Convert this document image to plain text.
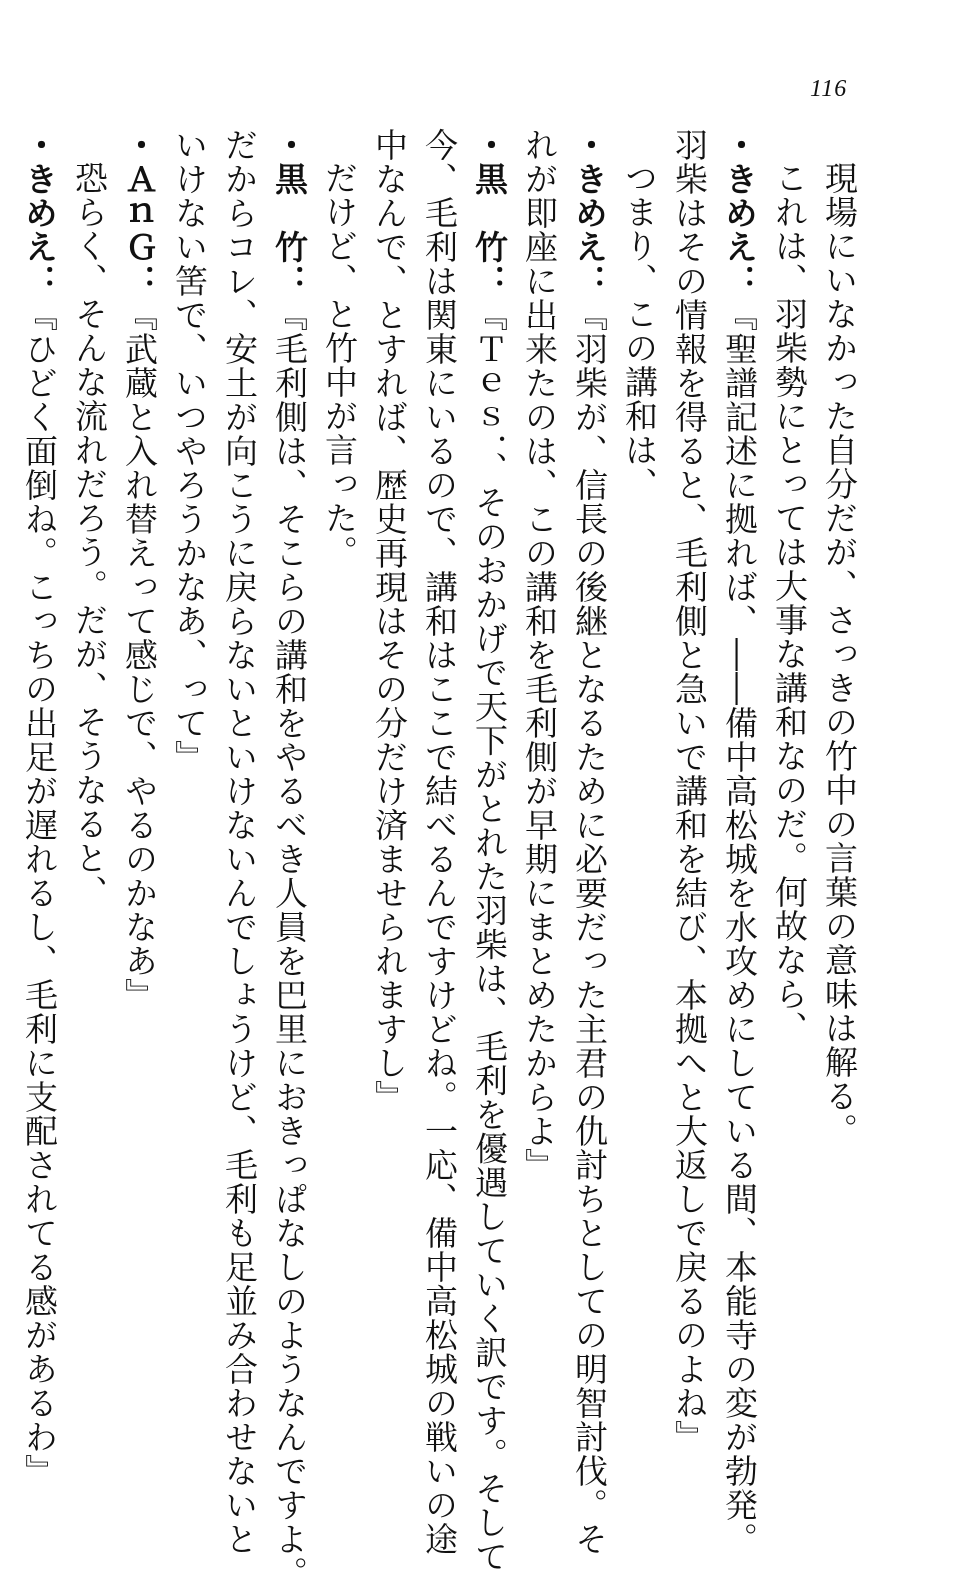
116
現場にいなかった自分だが、さっきの竹中の言葉の意味は解る。
これは、羽柴勢にとっては大事な講和なのだ。何故なら、
・きめえ：『聖譜記述に拠れば、――備中高松城を水攻めにしている間、本能寺の変が勃発。
羽柴はその情報を得ると、毛利側と急いで講和を結び、本拠へと大返しで戻るのよね』
つまり、この講和は、
・きめえ：『羽柴が、信長の後継となるために必要だった主君の仇討ちとしての明智討伐。そ
れが即座に出来たのは、この講和を毛利側が早期にまとめたからよ』
・黒　竹：『Ｔｅｓ．、そのおかげで天下がとれた羽柴は、毛利を優遇していく訳です。そして
今、毛利は関東にいるので、講和はここで結べるんですけどね。一応、備中高松城の戦いの途
中なんで、とすれば、歴史再現はその分だけ済ませられますし』
だけど、と竹中が言った。
・黒　竹：『毛利側は、そこらの講和をやるべき人員を巴里におきっぱなしのようなんですよ。
だからコレ、安土が向こうに戻らないといけないんでしょうけど、毛利も足並み合わせないと
いけない筈で、いつやろうかなあ、って』
・ＡｎＧ：『武蔵と入れ替えって感じで、やるのかなあ』
恐らく、そんな流れだろう。だが、そうなると、
・きめえ：『ひどく面倒ね。こっちの出足が遅れるし、毛利に支配されてる感があるわ』
